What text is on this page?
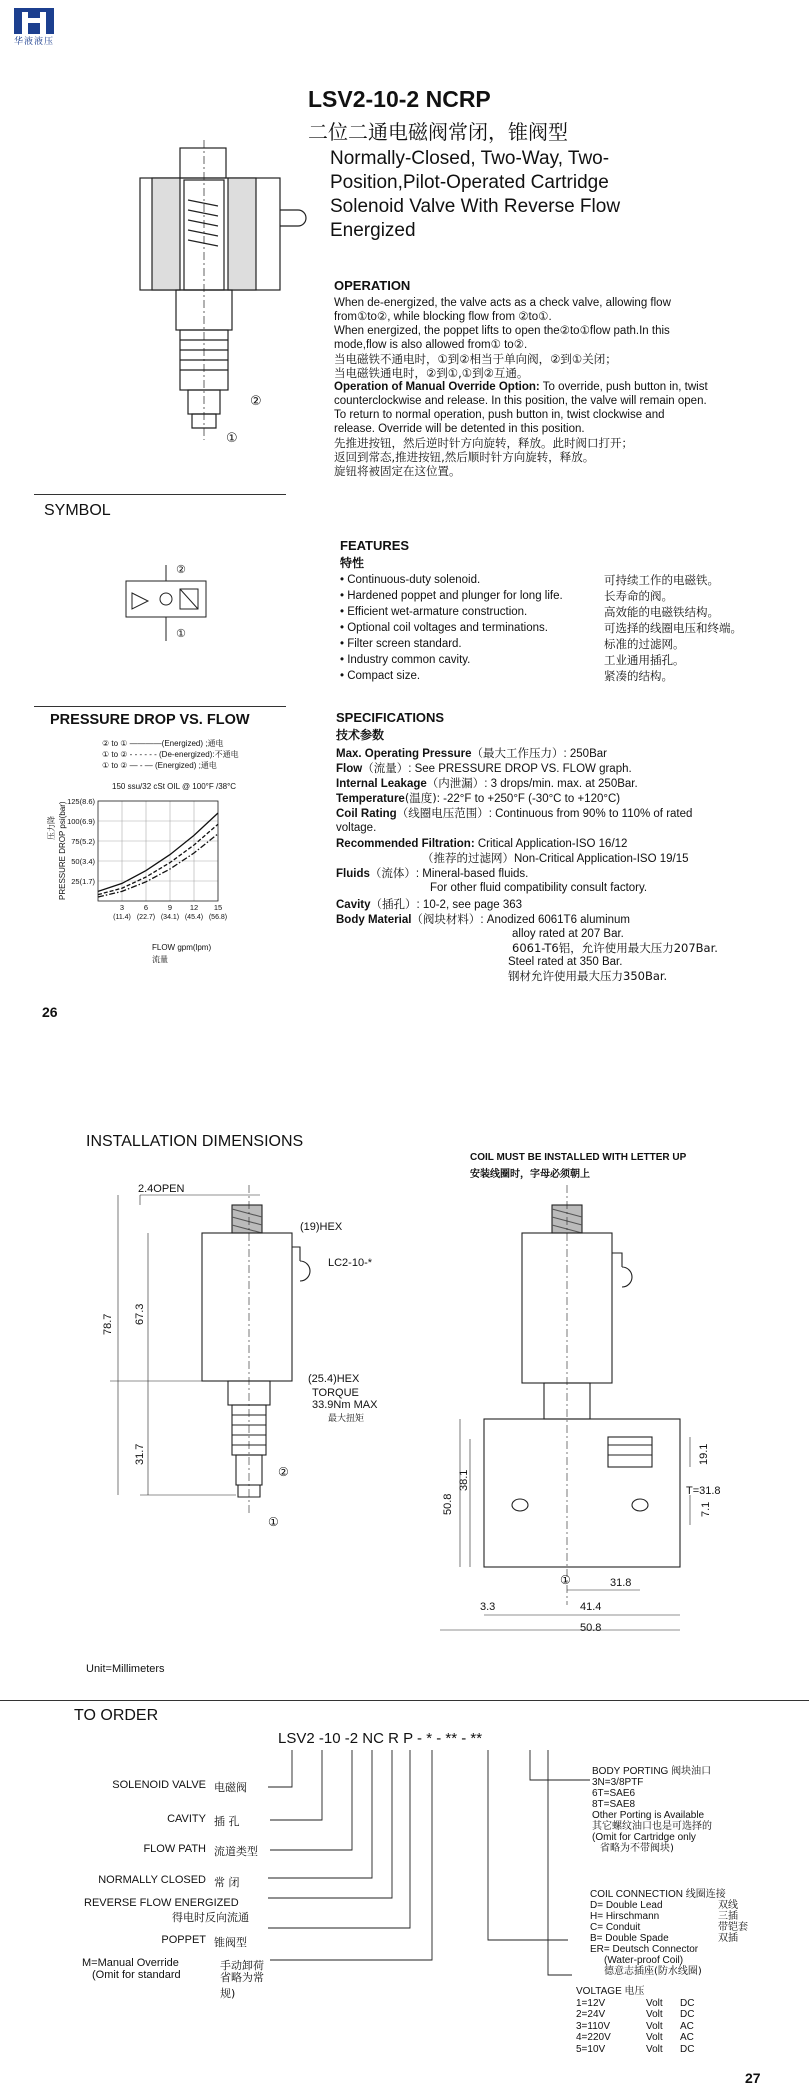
华液液压
LSV2-10-2 NCRP
二位二通电磁阀常闭，锥阀型
Normally-Closed, Two-Way, Two-
Position,Pilot-Operated Cartridge
Solenoid Valve With Reverse Flow
Energized
②
①
SYMBOL
②
①
PRESSURE DROP VS. FLOW
② to ① ————(Energized) ;通电
① to ② - - - - - - (De-energized):不通电
① to ② — - — (Energized) ;通电
150 ssu/32 cSt OIL @ 100°F /38°C
压力降 PRESSURE DROP psi(bar) 25(1.7)
50(3.4)
75(5.2)
100(6.9)
125(8.6)
3
(11.4)
6
(22.7)
9
(34.1)
12
(45.4)
15
(56.8)
FLOW gpm(lpm)
流量
OPERATION
When de-energized, the valve acts as a check valve, allowing flow
from①to②, while blocking flow from ②to①.
When energized, the poppet lifts to open the②to①flow path.In this
mode,flow is also allowed from① to②.
当电磁铁不通电时，①到②相当于单向阀，②到①关闭；
当电磁铁通电时，②到①,①到②互通。
Operation of Manual Override Option: To override, push button in, twist
counterclockwise and release. In this position, the valve will remain open.
To return to normal operation, push button in, twist clockwise and
release. Override will be detented in this position.
先推进按钮，然后逆时针方向旋转，释放。此时阀口打开；
返回到常态,推进按钮,然后顺时针方向旋转，释放。
旋钮将被固定在这位置。
FEATURES
特性
• Continuous-duty solenoid.	可持续工作的电磁铁。
• Hardened poppet and plunger for long life.	长寿命的阀。
• Efficient wet-armature construction.	高效能的电磁铁结构。
• Optional coil voltages and terminations.	可选择的线圈电压和终端。
• Filter screen standard.	标准的过滤网。
• Industry common cavity.	工业通用插孔。
• Compact size.	紧凑的结构。
SPECIFICATIONS
技术参数
Max. Operating Pressure（最大工作压力）: 250Bar
Flow（流量）: See PRESSURE DROP VS. FLOW graph.
Internal Leakage（内泄漏）: 3 drops/min. max. at 250Bar.
Temperature(温度): -22°F to +250°F (-30°C to +120°C)
Coil Rating（线圈电压范围）: Continuous from 90% to 110% of rated
voltage.
Recommended Filtration: Critical Application-ISO 16/12
（推荐的过滤网）Non-Critical Application-ISO 19/15
Fluids（流体）: Mineral-based fluids.
For other fluid compatibility consult factory.
Cavity（插孔）: 10-2, see page 363
Body Material（阀块材料）: Anodized 6061T6 aluminum
alloy rated at 207 Bar.
6061-T6铝，允许使用最大压力207Bar.
Steel rated at 350 Bar.
钢材允许使用最大压力350Bar.
26
INSTALLATION DIMENSIONS
COIL MUST BE INSTALLED WITH LETTER UP
安装线圈时，字母必须朝上
2.4OPEN
(19)HEX
LC2-10-*
78.7 67.3
(25.4)HEX
TORQUE
33.9Nm MAX
最大扭矩
31.7
②
①
50.8
38.1
19.1
T=31.8
7.1
①	31.8
3.3	41.4
50.8
Unit=Millimeters
TO ORDER
LSV2 -10 -2 NC R P - * - ** - **
SOLENOID VALVE 电磁阀
CAVITY 插 孔
FLOW PATH 流道类型
NORMALLY CLOSED 常 闭
REVERSE FLOW ENERGIZED
得电时反向流通
POPPET 锥阀型
M=Manual Override	手动卸荷
(Omit for standard	省略为常规)
BODY PORTING 阀块油口
3N=3/8PTF
6T=SAE6
8T=SAE8
Other Porting is Available
其它螺纹油口也是可选择的
(Omit for Cartridge only
省略为不带阀块)
COIL CONNECTION 线圈连接
D= Double Lead	双线
H= Hirschmann	三插
C= Conduit	带铠套
B= Double Spade	双插
ER= Deutsch Connector
(Water-proof Coil)
德意志插座(防水线圈)
VOLTAGE 电压
1=12V	Volt DC
2=24V	Volt DC
3=110V	Volt AC
4=220V	Volt AC
5=10V	Volt DC
27
